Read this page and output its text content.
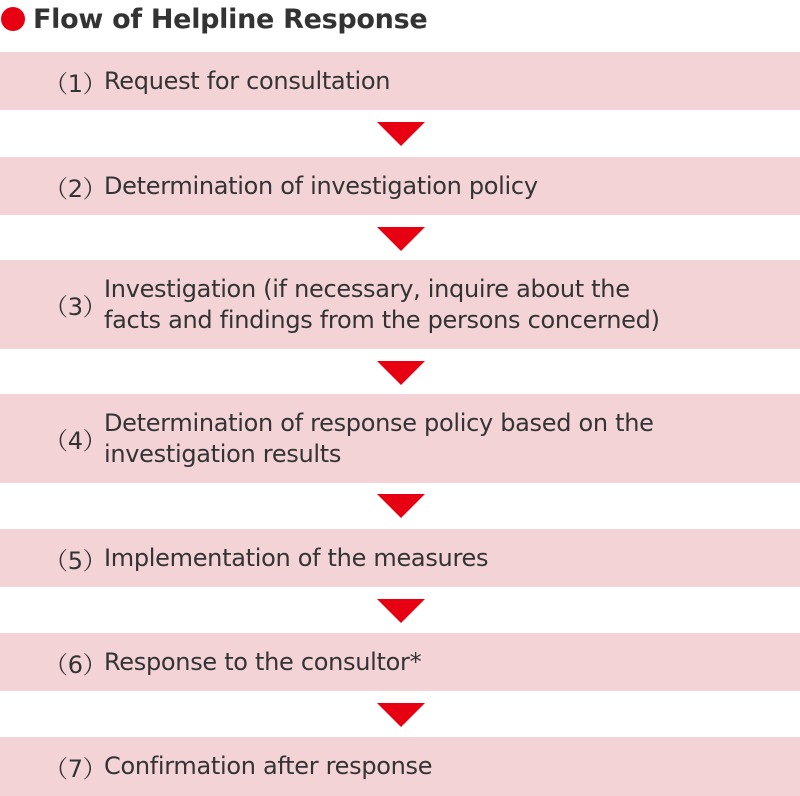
Flow of Helpline Response
（1）
Request for consultation
（2）
Determination of investigation policy
（3）
Investigation (if necessary, inquire about the
facts and findings from the persons concerned)
（4）
Determination of response policy based on the
investigation results
（5）
Implementation of the measures
（6）
Response to the consultor*
（7）
Confirmation after response
